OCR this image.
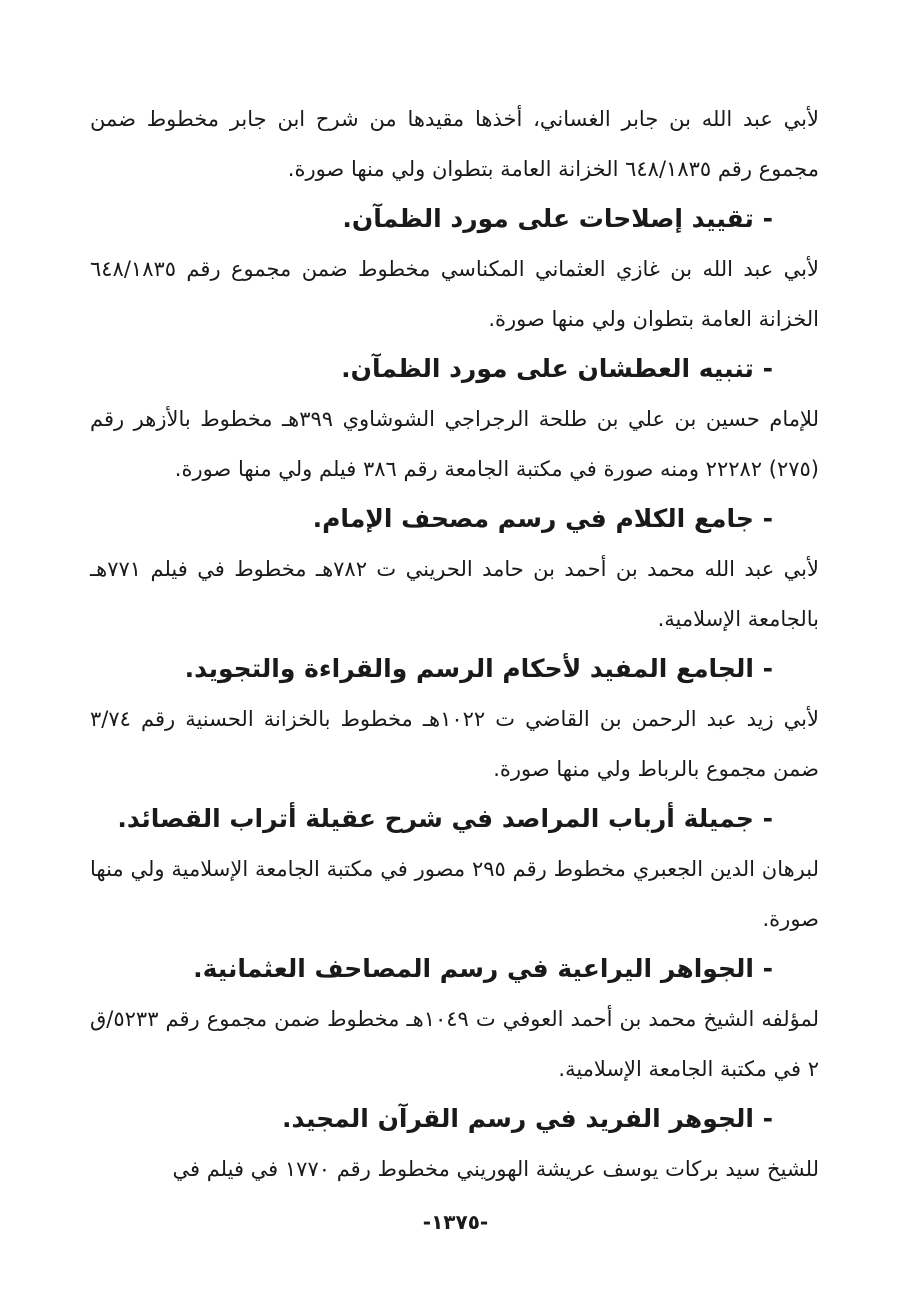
لأبي عبد الله بن جابر الغساني، أخذها مقيدها من شرح ابن جابر مخطوط ضمن مجموع رقم ٦٤٨/١٨٣٥ الخزانة العامة بتطوان ولي منها صورة.

- تقييد إصلاحات على مورد الظمآن.

لأبي عبد الله بن غازي العثماني المكناسي مخطوط ضمن مجموع رقم ٦٤٨/١٨٣٥ الخزانة العامة بتطوان ولي منها صورة.

- تنبيه العطشان على مورد الظمآن.

للإمام حسين بن علي بن طلحة الرجراجي الشوشاوي ٣٩٩هـ مخطوط بالأزهر رقم (٢٧٥) ٢٢٢٨٢ ومنه صورة في مكتبة الجامعة رقم ٣٨٦ فيلم ولي منها صورة.

- جامع الكلام في رسم مصحف الإمام.

لأبي عبد الله محمد بن أحمد بن حامد الحريني ت ٧٨٢هـ مخطوط في فيلم ٧٧١هـ بالجامعة الإسلامية.

- الجامع المفيد لأحكام الرسم والقراءة والتجويد.

لأبي زيد عبد الرحمن بن القاضي ت ١٠٢٢هـ مخطوط بالخزانة الحسنية رقم ٣/٧٤ ضمن مجموع بالرباط ولي منها صورة.

- جميلة أرباب المراصد في شرح عقيلة أتراب القصائد.

لبرهان الدين الجعبري مخطوط رقم ٢٩٥ مصور في مكتبة الجامعة الإسلامية ولي منها صورة.

- الجواهر اليراعية في رسم المصاحف العثمانية.

لمؤلفه الشيخ محمد بن أحمد العوفي ت ١٠٤٩هـ مخطوط ضمن مجموع رقم ٥٢٣٣/ق ٢ في مكتبة الجامعة الإسلامية.

- الجوهر الفريد في رسم القرآن المجيد.

للشيخ سيد بركات يوسف عريشة الهوريني مخطوط رقم ١٧٧٠ في فيلم في

-١٣٧٥-
